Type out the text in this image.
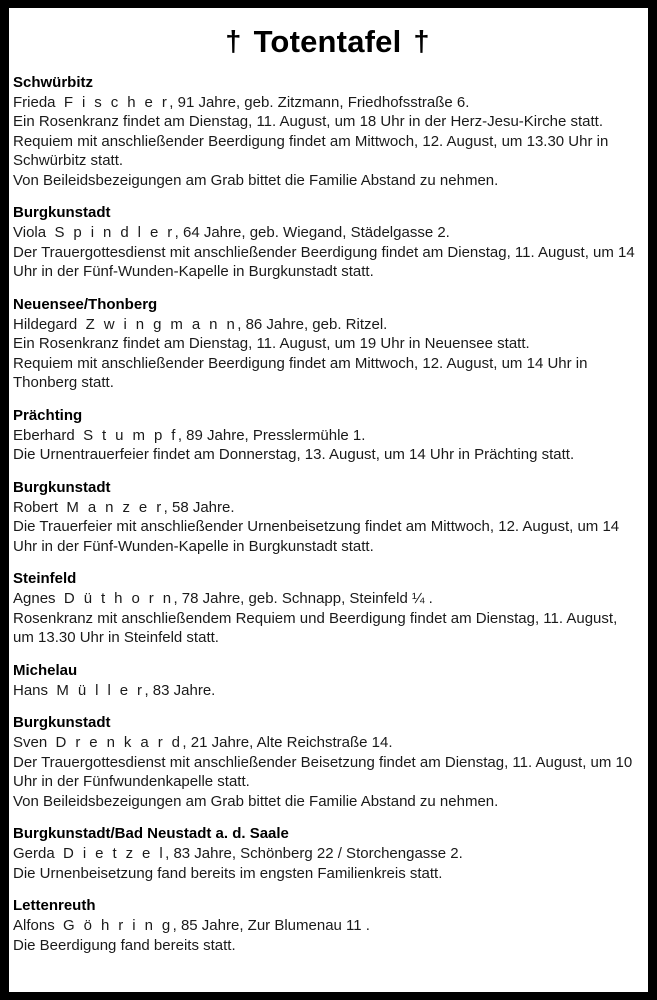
† Totentafel †
Schwürbitz
Frieda F i s c h e r, 91 Jahre, geb. Zitzmann, Friedhofsstraße 6.
Ein Rosenkranz findet am Dienstag, 11. August, um 18 Uhr in der Herz-Jesu-Kirche statt.
Requiem mit anschließender Beerdigung findet am Mittwoch, 12. August, um 13.30 Uhr in Schwürbitz statt.
Von Beileidsbezeigungen am Grab bittet die Familie Abstand zu nehmen.
Burgkunstadt
Viola S p i n d l e r, 64 Jahre, geb. Wiegand, Städelgasse 2.
Der Trauergottesdienst mit anschließender Beerdigung findet am Dienstag, 11. August, um 14 Uhr in der Fünf-Wunden-Kapelle in Burgkunstadt statt.
Neuensee/Thonberg
Hildegard Z w i n g m a n n, 86 Jahre, geb. Ritzel.
Ein Rosenkranz findet am Dienstag, 11. August, um 19 Uhr in Neuensee statt.
Requiem mit anschließender Beerdigung findet am Mittwoch, 12. August, um 14 Uhr in Thonberg statt.
Prächting
Eberhard S t u m p f, 89 Jahre, Presslermühle 1.
Die Urnentrauerfeier findet am Donnerstag, 13. August, um 14 Uhr in Prächting statt.
Burgkunstadt
Robert M a n z e r, 58 Jahre.
Die Trauerfeier mit anschließender Urnenbeisetzung findet am Mittwoch, 12. August, um 14 Uhr in der Fünf-Wunden-Kapelle in Burgkunstadt statt.
Steinfeld
Agnes D ü t h o r n, 78 Jahre, geb. Schnapp, Steinfeld ¼ .
Rosenkranz mit anschließendem Requiem und Beerdigung findet am Dienstag, 11. August, um 13.30 Uhr in Steinfeld statt.
Michelau
Hans M ü l l e r, 83 Jahre.
Burgkunstadt
Sven D r e n k a r d, 21 Jahre, Alte Reichstraße 14.
Der Trauergottesdienst mit anschließender Beisetzung findet am Dienstag, 11. August, um 10 Uhr in der Fünfwundenkapelle statt.
Von Beileidsbezeigungen am Grab bittet die Familie Abstand zu nehmen.
Burgkunstadt/Bad Neustadt a. d. Saale
Gerda D i e t z e l, 83 Jahre, Schönberg 22 / Storchengasse 2.
Die Urnenbeisetzung fand bereits im engsten Familienkreis statt.
Lettenreuth
Alfons G ö h r i n g, 85 Jahre, Zur Blumenau 11 .
Die Beerdigung fand bereits statt.
